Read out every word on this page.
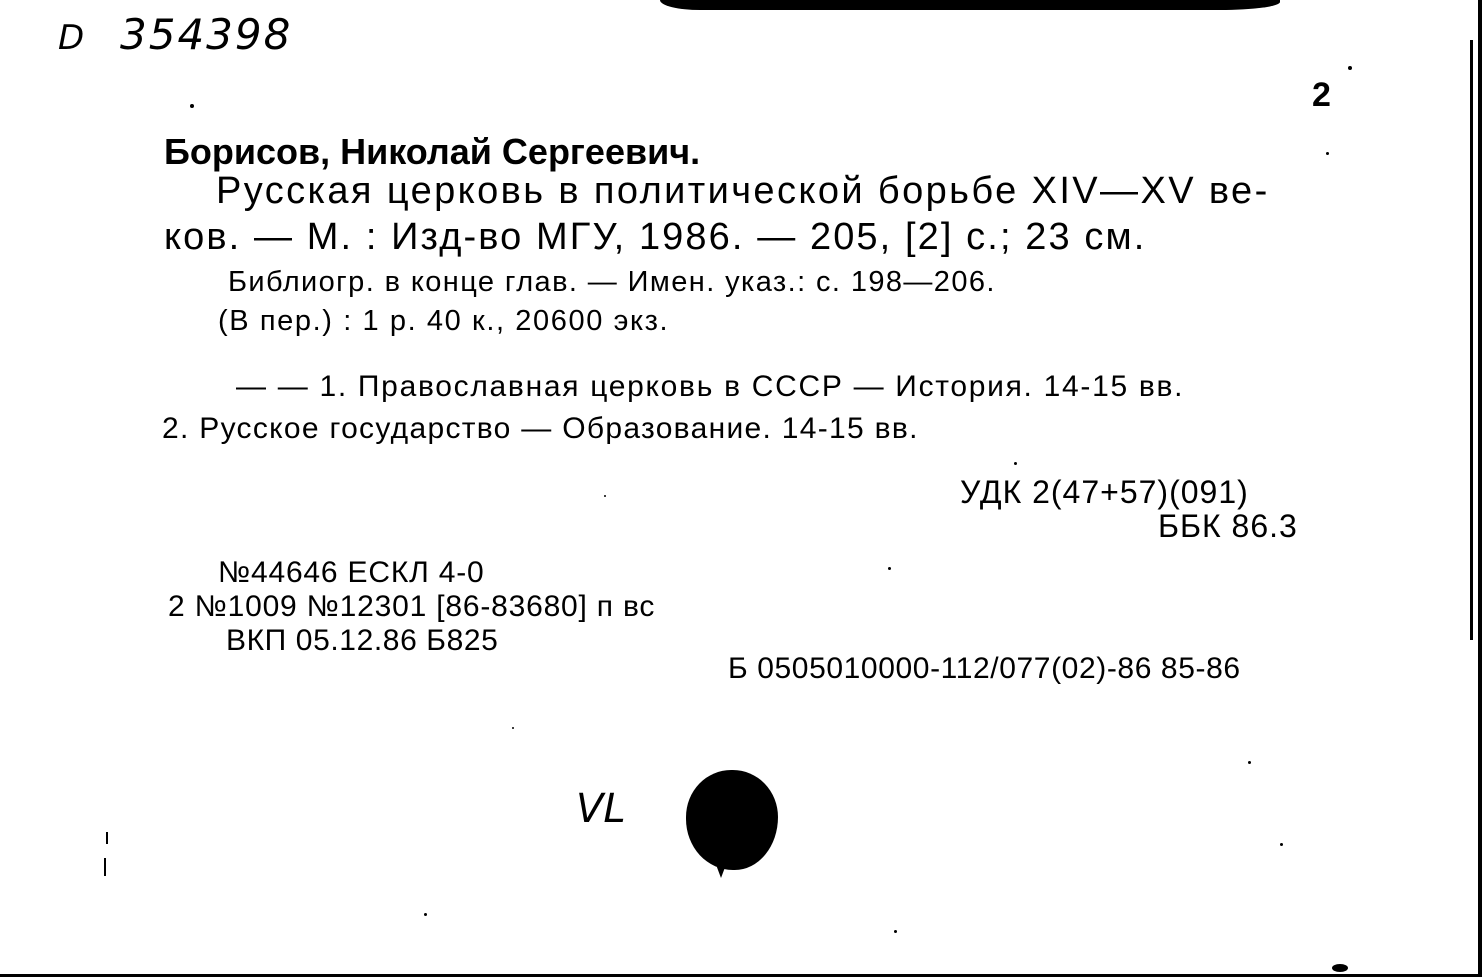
D 354398
2
Борисов, Николай Сергеевич.
Русская церковь в политической борьбе XIV—XV ве-
ков. — М. : Изд-во МГУ, 1986. — 205, [2] с.; 23 см.
Библиогр. в конце глав. — Имен. указ.: с. 198—206.
(В пер.) : 1 р. 40 к., 20600 экз.
— — 1. Православная церковь в СССР — История. 14-15 вв.
2. Русское государство — Образование. 14-15 вв.
УДК 2(47+57)(091)
ББК 86.3
№44646 ЕСКЛ 4-0
2 №1009 №12301 [86-83680] п вс
ВКП 05.12.86 Б825
Б 0505010000-112/077(02)-86 85-86
VL
